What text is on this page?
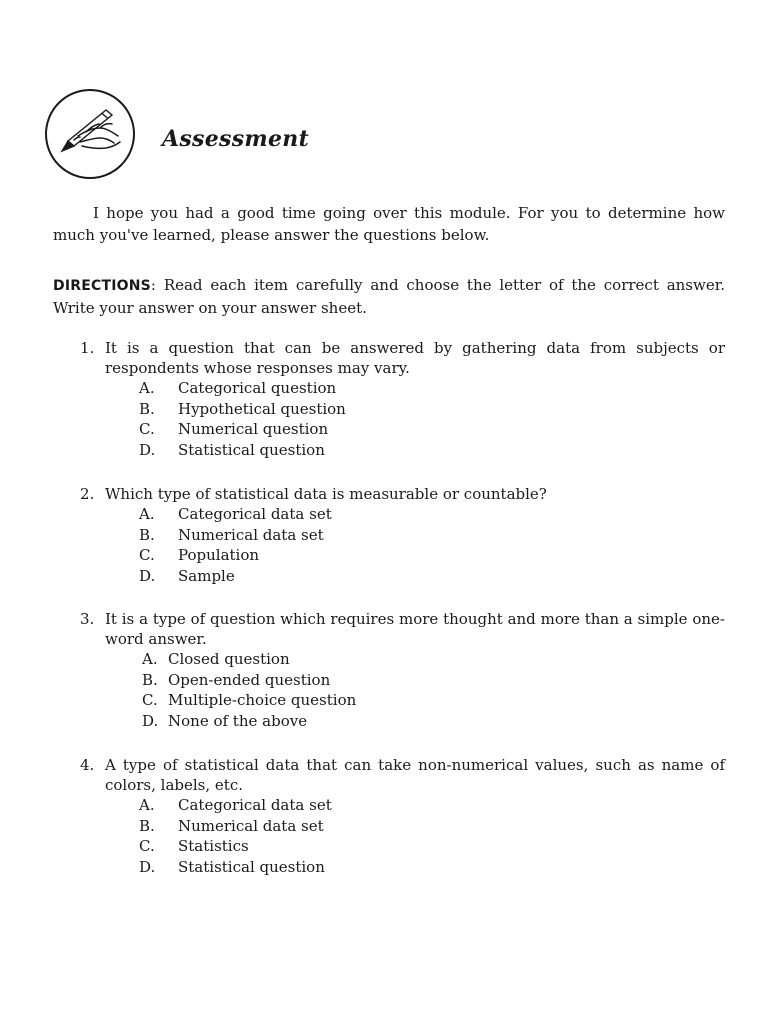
Assessment

I hope you had a good time going over this module. For you to determine how much you've learned, please answer the questions below.

DIRECTIONS: Read each item carefully and choose the letter of the correct answer. Write your answer on your answer sheet.

1. It is a question that can be answered by gathering data from subjects or respondents whose responses may vary.
A. Categorical question
B. Hypothetical question
C. Numerical question
D. Statistical question
2. Which type of statistical data is measurable or countable?
A. Categorical data set
B. Numerical data set
C. Population
D. Sample
3. It is a type of question which requires more thought and more than a simple one-word answer.
A. Closed question
B. Open-ended question
C. Multiple-choice question
D. None of the above
4. A type of statistical data that can take non-numerical values, such as name of colors, labels, etc.
A. Categorical data set
B. Numerical data set
C. Statistics
D. Statistical question
